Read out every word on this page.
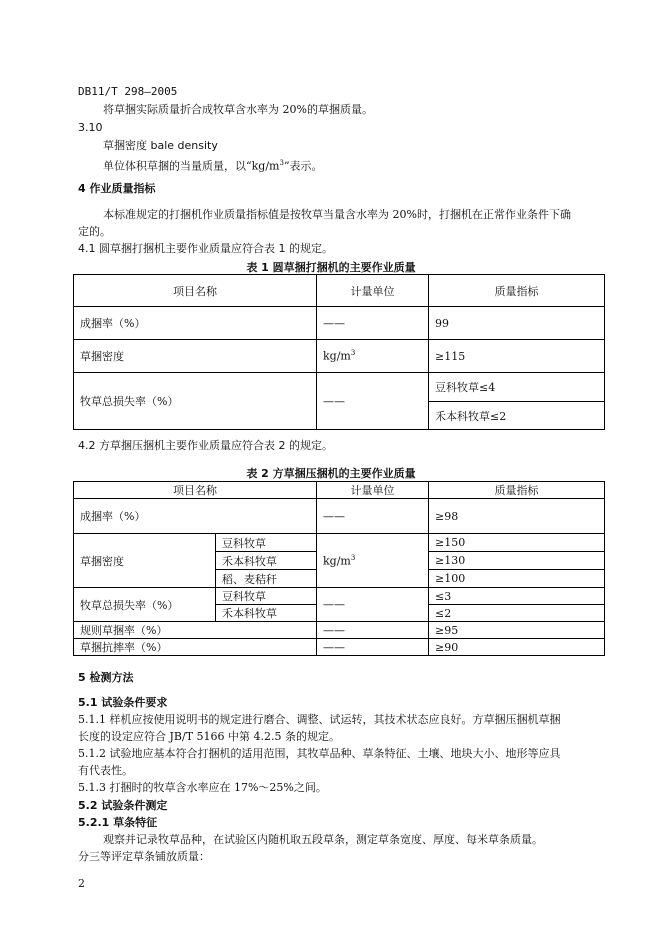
DB11/T 298—2005
将草捆实际质量折合成牧草含水率为 20%的草捆质量。
3.10
草捆密度 bale density
单位体积草捆的当量质量，以“$kg/m^3$”表示。
4 作业质量指标
本标准规定的打捆机作业质量指标值是按牧草当量含水率为 20%时，打捆机在正常作业条件下确
定的。
4.1 圆草捆打捆机主要作业质量应符合表 1 的规定。
表 1 圆草捆打捆机的主要作业质量
项目名称	计量单位	质量指标
成捆率（%）	——	99
草捆密度	$kg/m^3$	≥115
牧草总损失率（%）	——	豆科牧草≤4
		禾本科牧草≤2
4.2 方草捆压捆机主要作业质量应符合表 2 的规定。
表 2 方草捆压捆机的主要作业质量
项目名称		计量单位	质量指标
成捆率（%）		——	≥98
草捆密度	豆科牧草	$kg/m^3$	≥150
	禾本科牧草		≥130
	稻、麦秸秆		≥100
牧草总损失率（%）	豆科牧草	——	≤3
	禾本科牧草		≤2
规则草捆率（%）		——	≥95
草捆抗摔率（%）		——	≥90
5 检测方法
5.1 试验条件要求
5.1.1 样机应按使用说明书的规定进行磨合、调整、试运转，其技术状态应良好。方草捆压捆机草捆
长度的设定应符合 JB/T 5166 中第 4.2.5 条的规定。
5.1.2 试验地应基本符合打捆机的适用范围，其牧草品种、草条特征、土壤、地块大小、地形等应具
有代表性。
5.1.3 打捆时的牧草含水率应在 17%～25%之间。
5.2 试验条件测定
5.2.1 草条特征
观察并记录牧草品种，在试验区内随机取五段草条，测定草条宽度、厚度、每米草条质量。
分三等评定草条铺放质量：
2
